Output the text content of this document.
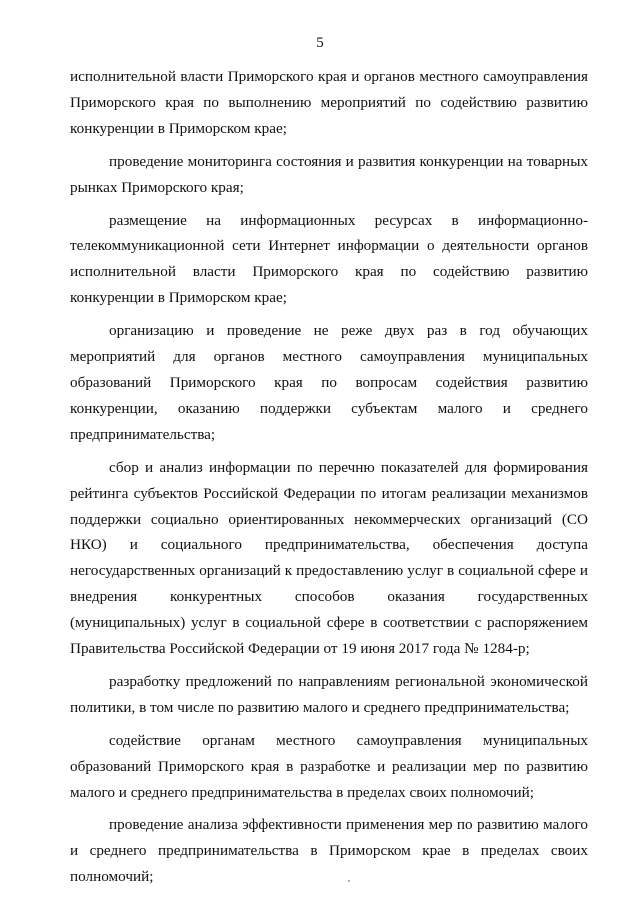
5

исполнительной власти Приморского края и органов местного самоуправления Приморского края по выполнению мероприятий по содействию развитию конкуренции в Приморском крае;

проведение мониторинга состояния и развития конкуренции на товарных рынках Приморского края;

размещение на информационных ресурсах в информационно-телекоммуникационной сети Интернет информации о деятельности органов исполнительной власти Приморского края по содействию развитию конкуренции в Приморском крае;

организацию и проведение не реже двух раз в год обучающих мероприятий для органов местного самоуправления муниципальных образований Приморского края по вопросам содействия развитию конкуренции, оказанию поддержки субъектам малого и среднего предпринимательства;

сбор и анализ информации по перечню показателей для формирования рейтинга субъектов Российской Федерации по итогам реализации механизмов поддержки социально ориентированных некоммерческих организаций (СО НКО) и социального предпринимательства, обеспечения доступа негосударственных организаций к предоставлению услуг в социальной сфере и внедрения конкурентных способов оказания государственных (муниципальных) услуг в социальной сфере в соответствии с распоряжением Правительства Российской Федерации от 19 июня 2017 года № 1284-р;

разработку предложений по направлениям региональной экономической политики, в том числе по развитию малого и среднего предпринимательства;

содействие органам местного самоуправления муниципальных образований Приморского края в разработке и реализации мер по развитию малого и среднего предпринимательства в пределах своих полномочий;

проведение анализа эффективности применения мер по развитию малого и среднего предпринимательства в Приморском крае в пределах своих полномочий;
